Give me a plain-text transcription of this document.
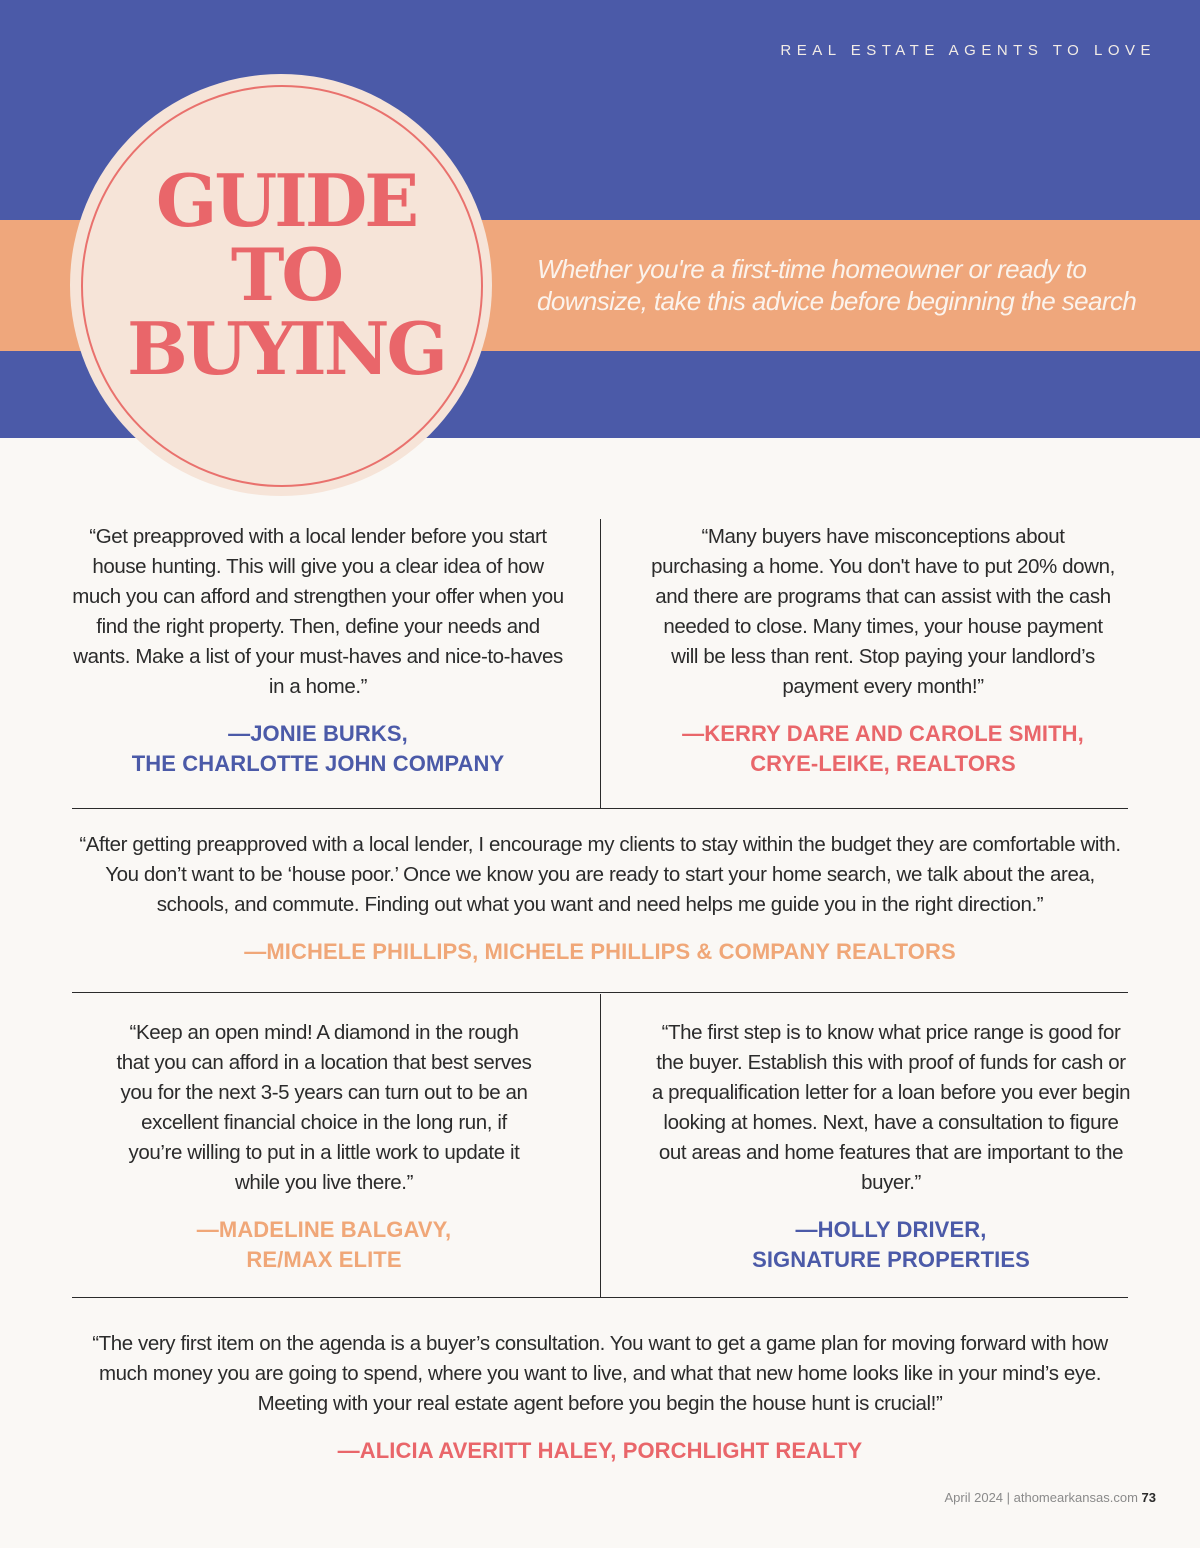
REAL ESTATE AGENTS TO LOVE
GUIDE
TO
BUYING
Whether you're a first-time homeowner or ready to downsize, take this advice before beginning the search
“Get preapproved with a local lender before you start house hunting. This will give you a clear idea of how much you can afford and strengthen your offer when you find the right property. Then, define your needs and wants. Make a list of your must-haves and nice-to-haves in a home.”
—JONIE BURKS,
THE CHARLOTTE JOHN COMPANY
“Many buyers have misconceptions about purchasing a home. You don't have to put 20% down, and there are programs that can assist with the cash needed to close. Many times, your house payment will be less than rent. Stop paying your landlord’s payment every month!”
—KERRY DARE AND CAROLE SMITH,
CRYE-LEIKE, REALTORS
“After getting preapproved with a local lender, I encourage my clients to stay within the budget they are comfortable with. You don’t want to be ‘house poor.’ Once we know you are ready to start your home search, we talk about the area, schools, and commute. Finding out what you want and need helps me guide you in the right direction.”
—MICHELE PHILLIPS, MICHELE PHILLIPS & COMPANY REALTORS
“Keep an open mind! A diamond in the rough that you can afford in a location that best serves you for the next 3-5 years can turn out to be an excellent financial choice in the long run, if you’re willing to put in a little work to update it while you live there.”
—MADELINE BALGAVY,
RE/MAX ELITE
“The first step is to know what price range is good for the buyer. Establish this with proof of funds for cash or a prequalification letter for a loan before you ever begin looking at homes. Next, have a consultation to figure out areas and home features that are important to the buyer.”
—HOLLY DRIVER,
SIGNATURE PROPERTIES
“The very first item on the agenda is a buyer’s consultation. You want to get a game plan for moving forward with how much money you are going to spend, where you want to live, and what that new home looks like in your mind’s eye. Meeting with your real estate agent before you begin the house hunt is crucial!”
—ALICIA AVERITT HALEY, PORCHLIGHT REALTY
April 2024 | athomearkansas.com 73
